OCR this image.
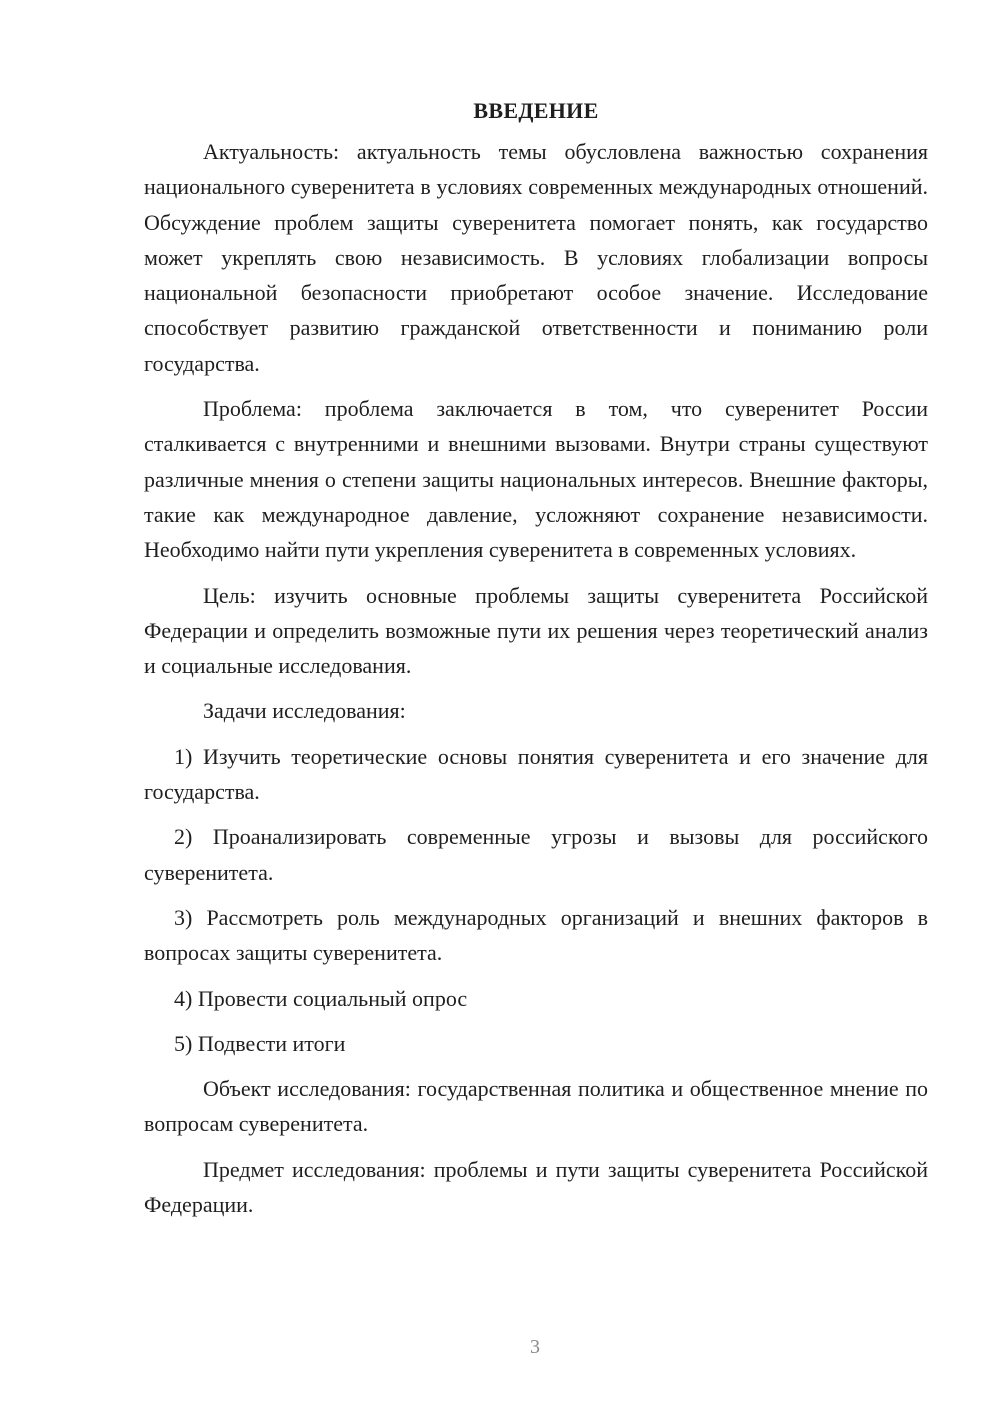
ВВЕДЕНИЕ

Актуальность: актуальность темы обусловлена важностью сохранения национального суверенитета в условиях современных международных отношений. Обсуждение проблем защиты суверенитета помогает понять, как государство может укреплять свою независимость. В условиях глобализации вопросы национальной безопасности приобретают особое значение. Исследование способствует развитию гражданской ответственности и пониманию роли государства.

Проблема: проблема заключается в том, что суверенитет России сталкивается с внутренними и внешними вызовами. Внутри страны существуют различные мнения о степени защиты национальных интересов. Внешние факторы, такие как международное давление, усложняют сохранение независимости. Необходимо найти пути укрепления суверенитета в современных условиях.

Цель: изучить основные проблемы защиты суверенитета Российской Федерации и определить возможные пути их решения через теоретический анализ и социальные исследования.

Задачи исследования:

1) Изучить теоретические основы понятия суверенитета и его значение для государства.

2) Проанализировать современные угрозы и вызовы для российского суверенитета.

3) Рассмотреть роль международных организаций и внешних факторов в вопросах защиты суверенитета.

4) Провести социальный опрос

5) Подвести итоги

Объект исследования: государственная политика и общественное мнение по вопросам суверенитета.

Предмет исследования: проблемы и пути защиты суверенитета Российской Федерации.

3
